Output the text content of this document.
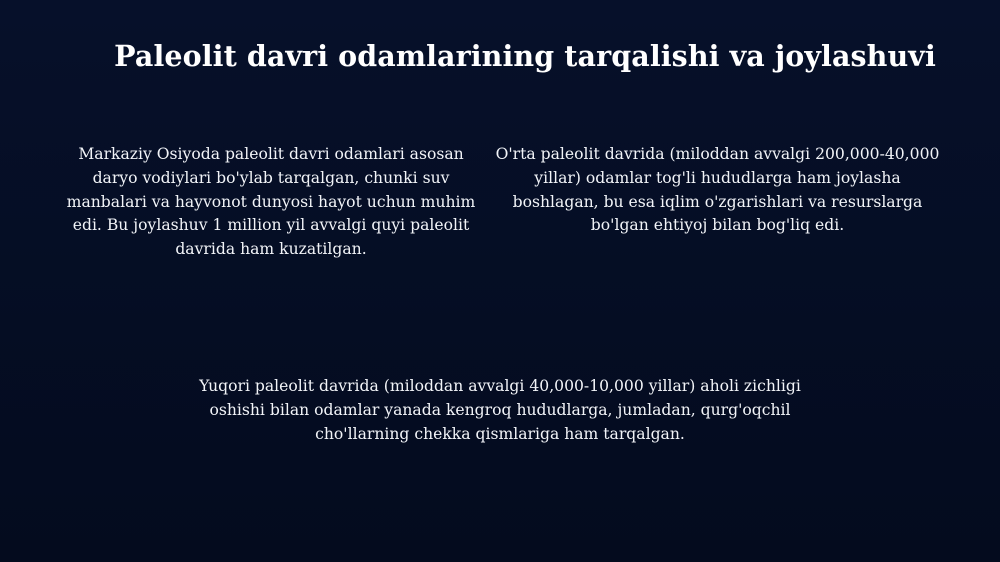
Paleolit davri odamlarining tarqalishi va joylashuvi

Markaziy Osiyoda paleolit davri odamlari asosan daryo vodiylari bo'ylab tarqalgan, chunki suv manbalari va hayvonot dunyosi hayot uchun muhim edi. Bu joylashuv 1 million yil avvalgi quyi paleolit davrida ham kuzatilgan.

O'rta paleolit davrida (miloddan avvalgi 200,000-40,000 yillar) odamlar tog'li hududlarga ham joylasha boshlagan, bu esa iqlim o'zgarishlari va resurslarga bo'lgan ehtiyoj bilan bog'liq edi.

Yuqori paleolit davrida (miloddan avvalgi 40,000-10,000 yillar) aholi zichligi oshishi bilan odamlar yanada kengroq hududlarga, jumladan, qurg'oqchil cho'llarning chekka qismlariga ham tarqalgan.
